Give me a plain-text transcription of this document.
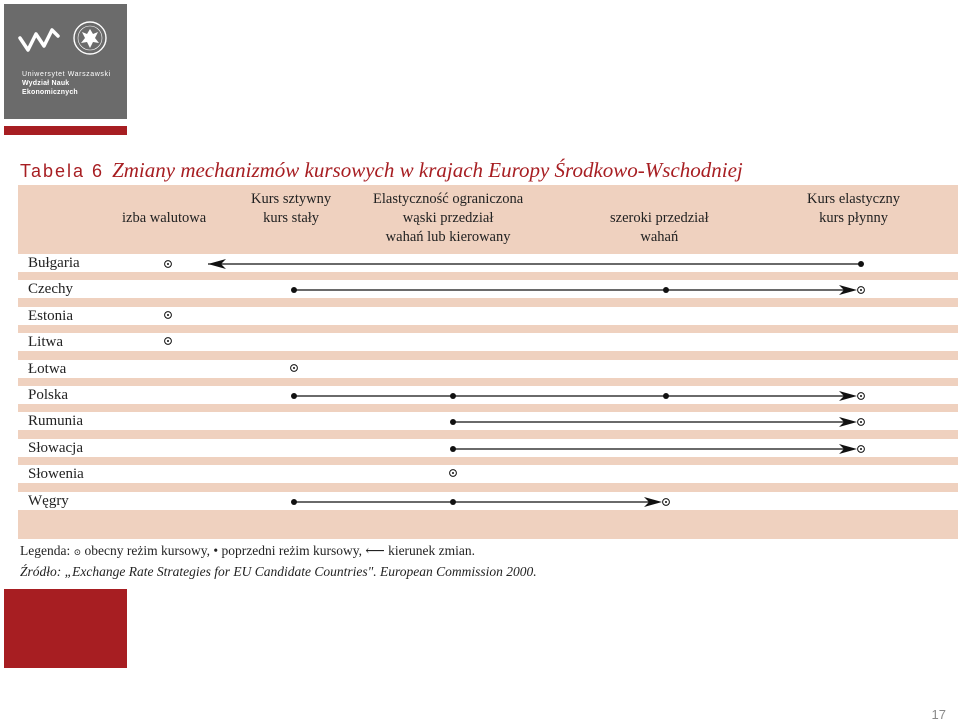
Uniwersytet Warszawski
Wydział Nauk
Ekonomicznych
Tabela 6 Zmiany mechanizmów kursowych w krajach Europy Środkowo-Wschodniej
izba walutowa
Kurs sztywny
kurs stały
Elastyczność ograniczona
wąski przedział
wahań lub kierowany
szeroki przedział
wahań
Kurs elastyczny
kurs płynny
Bułgaria
Czechy
Estonia
Litwa
Łotwa
Polska
Rumunia
Słowacja
Słowenia
Węgry
Legenda: ⊙ obecny reżim kursowy, • poprzedni reżim kursowy, ⟵ kierunek zmian.
Źródło: „Exchange Rate Strategies for EU Candidate Countries". European Commission 2000.
17
